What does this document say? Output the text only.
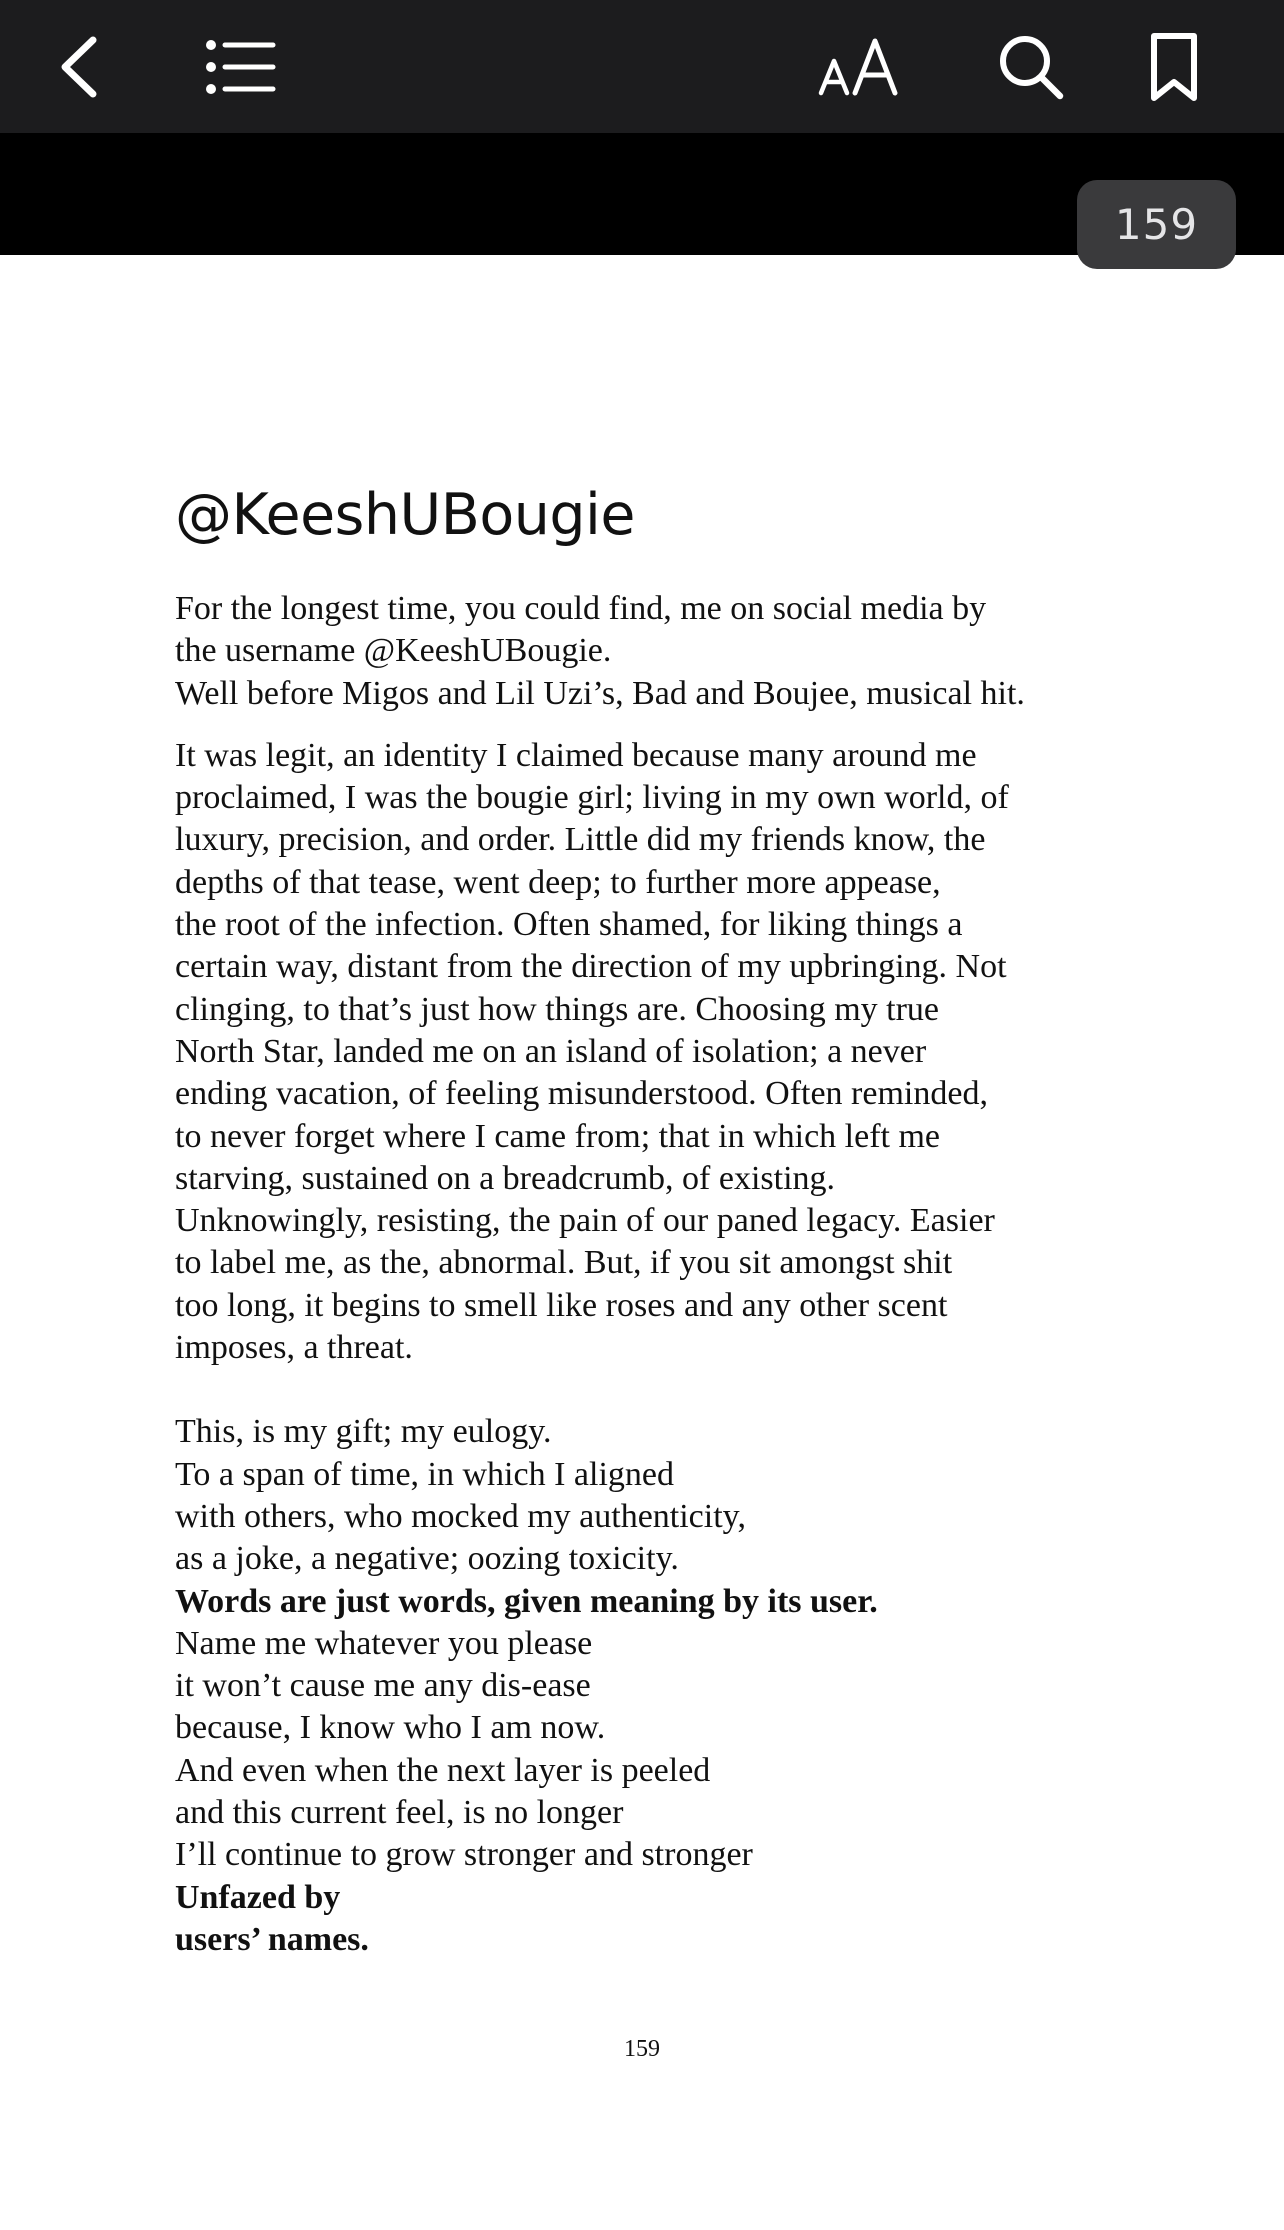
159
@KeeshUBougie
For the longest time, you could find, me on social media by
the username @KeeshUBougie.
Well before Migos and Lil Uzi’s, Bad and Boujee, musical hit.
It was legit, an identity I claimed because many around me
proclaimed, I was the bougie girl; living in my own world, of
luxury, precision, and order. Little did my friends know, the
depths of that tease, went deep; to further more appease,
the root of the infection. Often shamed, for liking things a
certain way, distant from the direction of my upbringing. Not
clinging, to that’s just how things are. Choosing my true
North Star, landed me on an island of isolation; a never
ending vacation, of feeling misunderstood. Often reminded,
to never forget where I came from; that in which left me
starving, sustained on a breadcrumb, of existing.
Unknowingly, resisting, the pain of our paned legacy. Easier
to label me, as the, abnormal. But, if you sit amongst shit
too long, it begins to smell like roses and any other scent
imposes, a threat.
This, is my gift; my eulogy.
To a span of time, in which I aligned
with others, who mocked my authenticity,
as a joke, a negative; oozing toxicity.
Words are just words, given meaning by its user.
Name me whatever you please
it won’t cause me any dis-ease
because, I know who I am now.
And even when the next layer is peeled
and this current feel, is no longer
I’ll continue to grow stronger and stronger
Unfazed by
users’ names.
159
